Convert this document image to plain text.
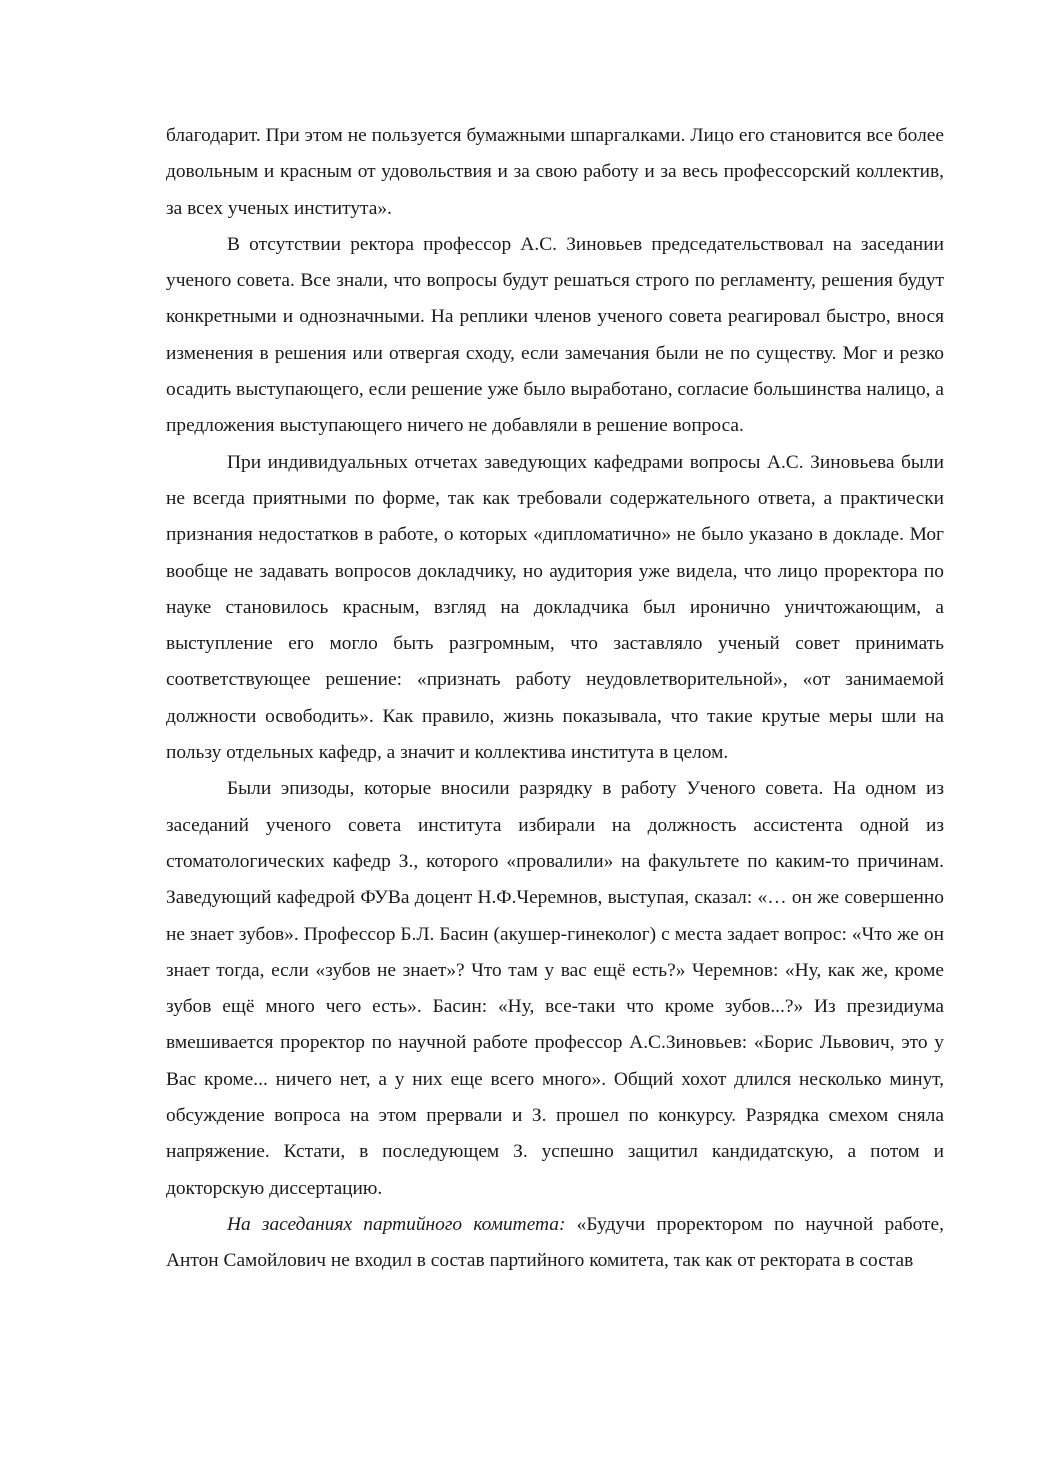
благодарит. При этом не пользуется бумажными шпаргалками. Лицо его становится все более довольным и красным от удовольствия и за свою работу и за весь профессорский коллектив, за всех ученых института».

В отсутствии ректора профессор А.С. Зиновьев председательствовал на заседании ученого совета. Все знали, что вопросы будут решаться строго по регламенту, решения будут конкретными и однозначными. На реплики членов ученого совета реагировал быстро, внося изменения в решения или отвергая сходу, если замечания были не по существу. Мог и резко осадить выступающего, если решение уже было выработано, согласие большинства налицо, а предложения выступающего ничего не добавляли в решение вопроса.

При индивидуальных отчетах заведующих кафедрами вопросы А.С. Зиновьева были не всегда приятными по форме, так как требовали содержательного ответа, а практически признания недостатков в работе, о которых «дипломатично» не было указано в докладе. Мог вообще не задавать вопросов докладчику, но аудитория уже видела, что лицо проректора по науке становилось красным, взгляд на докладчика был иронично уничтожающим, а выступление его могло быть разгромным, что заставляло ученый совет принимать соответствующее решение: «признать работу неудовлетворительной», «от занимаемой должности освободить». Как правило, жизнь показывала, что такие крутые меры шли на пользу отдельных кафедр, а значит и коллектива института в целом.

Были эпизоды, которые вносили разрядку в работу Ученого совета. На одном из заседаний ученого совета института избирали на должность ассистента одной из стоматологических кафедр З., которого «провалили» на факультете по каким-то причинам. Заведующий кафедрой ФУВа доцент Н.Ф.Черемнов, выступая, сказал: «… он же совершенно не знает зубов». Профессор Б.Л. Басин (акушер-гинеколог) с места задает вопрос: «Что же он знает тогда, если «зубов не знает»? Что там у вас ещё есть?» Черемнов: «Ну, как же, кроме зубов ещё много чего есть». Басин: «Ну, все-таки что кроме зубов...?» Из президиума вмешивается проректор по научной работе профессор А.С.Зиновьев: «Борис Львович, это у Вас кроме... ничего нет, а у них еще всего много». Общий хохот длился несколько минут, обсуждение вопроса на этом прервали и З. прошел по конкурсу. Разрядка смехом сняла напряжение. Кстати, в последующем З. успешно защитил кандидатскую, а потом и докторскую диссертацию.

На заседаниях партийного комитета: «Будучи проректором по научной работе, Антон Самойлович не входил в состав партийного комитета, так как от ректората в состав
